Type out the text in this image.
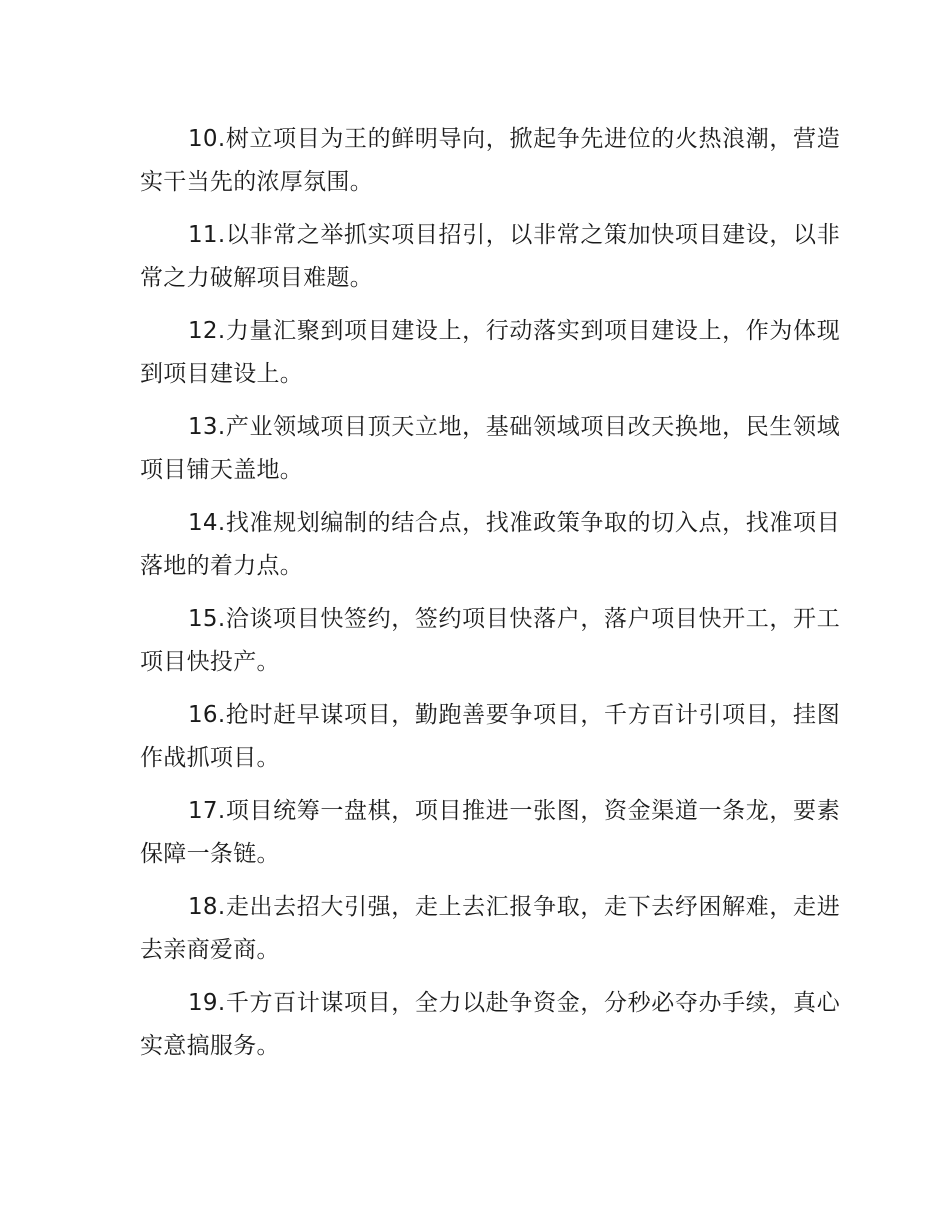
10.树立项目为王的鲜明导向，掀起争先进位的火热浪潮，营造实干当先的浓厚氛围。

11.以非常之举抓实项目招引，以非常之策加快项目建设，以非常之力破解项目难题。

12.力量汇聚到项目建设上，行动落实到项目建设上，作为体现到项目建设上。

13.产业领域项目顶天立地，基础领域项目改天换地，民生领域项目铺天盖地。

14.找准规划编制的结合点，找准政策争取的切入点，找准项目落地的着力点。

15.洽谈项目快签约，签约项目快落户，落户项目快开工，开工项目快投产。

16.抢时赶早谋项目，勤跑善要争项目，千方百计引项目，挂图作战抓项目。

17.项目统筹一盘棋，项目推进一张图，资金渠道一条龙，要素保障一条链。

18.走出去招大引强，走上去汇报争取，走下去纾困解难，走进去亲商爱商。

19.千方百计谋项目，全力以赴争资金，分秒必夺办手续，真心实意搞服务。
